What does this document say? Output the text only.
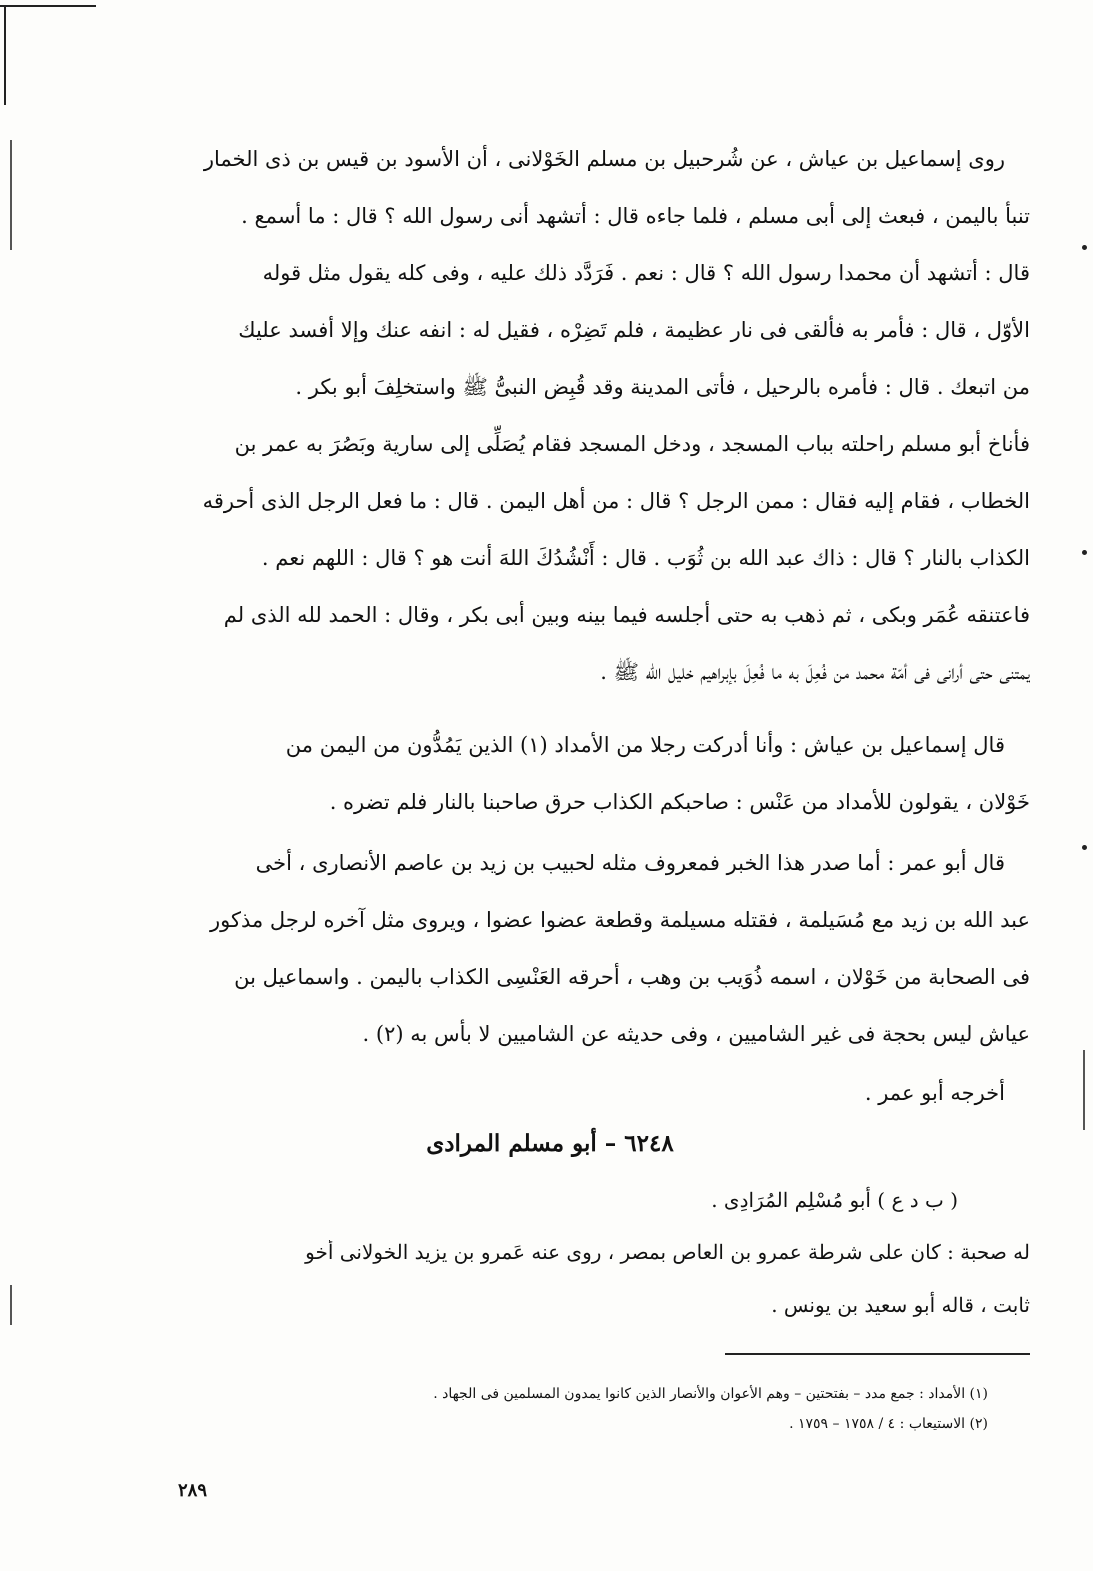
روى إسماعيل بن عياش ، عن شُرحبيل بن مسلم الخَوْلانى ، أن الأسود بن قيس بن ذى الخمار
تنبأ باليمن ، فبعث إلى أبى مسلم ، فلما جاءه قال : أتشهد أنى رسول الله ؟ قال : ما أسمع .
قال : أتشهد أن محمدا رسول الله ؟ قال : نعم . فَرَدَّد ذلك عليه ، وفى كله يقول مثل قوله
الأوّل ، قال : فأمر به فألقى فى نار عظيمة ، فلم تَضِرْه ، فقيل له : انفه عنك وإلا أفسد عليك
من اتبعك . قال : فأمره بالرحيل ، فأتى المدينة وقد قُبِض النبىُّ ﷺ واستخلِفَ أبو بكر .
فأناخ أبو مسلم راحلته بباب المسجد ، ودخل المسجد فقام يُصَلِّى إلى سارية وبَصُرَ به عمر بن
الخطاب ، فقام إليه فقال : ممن الرجل ؟ قال : من أهل اليمن . قال : ما فعل الرجل الذى أحرقه
الكذاب بالنار ؟ قال : ذاك عبد الله بن ثُوَب . قال : أَنْشُدُكَ اللهَ أنت هو ؟ قال : اللهم نعم .
فاعتنقه عُمَر وبكى ، ثم ذهب به حتى أجلسه فيما بينه وبين أبى بكر ، وقال : الحمد لله الذى لم
يمتنى حتى أرانى فى أمّة محمد من فُعِلَ به ما فُعِلَ بإبراهيم خليل الله ﷺ .
قال إسماعيل بن عياش : وأنا أدركت رجلا من الأمداد (١) الذين يَمُدُّون من اليمن من
خَوْلان ، يقولون للأمداد من عَنْس : صاحبكم الكذاب حرق صاحبنا بالنار فلم تضره .
قال أبو عمر : أما صدر هذا الخبر فمعروف مثله لحبيب بن زيد بن عاصم الأنصارى ، أخى
عبد الله بن زيد مع مُسَيلمة ، فقتله مسيلمة وقطعة عضوا عضوا ، ويروى مثل آخره لرجل مذكور
فى الصحابة من خَوْلان ، اسمه ذُوَيب بن وهب ، أحرقه العَنْسِى الكذاب باليمن . واسماعيل بن
عياش ليس بحجة فى غير الشاميين ، وفى حديثه عن الشاميين لا بأس به (٢) .
أخرجه أبو عمر .
٦٢٤٨ – أبو مسلم المرادى
( ب د ع ) أبو مُسْلِم المُرَادِى .
له صحبة : كان على شرطة عمرو بن العاص بمصر ، روى عنه عَمرو بن يزيد الخولانى أخو
ثابت ، قاله أبو سعيد بن يونس .
(١) الأمداد : جمع مدد – بفتحتين – وهم الأعوان والأنصار الذين كانوا يمدون المسلمين فى الجهاد .
(٢) الاستيعاب : ٤ / ١٧٥٨ – ١٧٥٩ .
٢٨٩
